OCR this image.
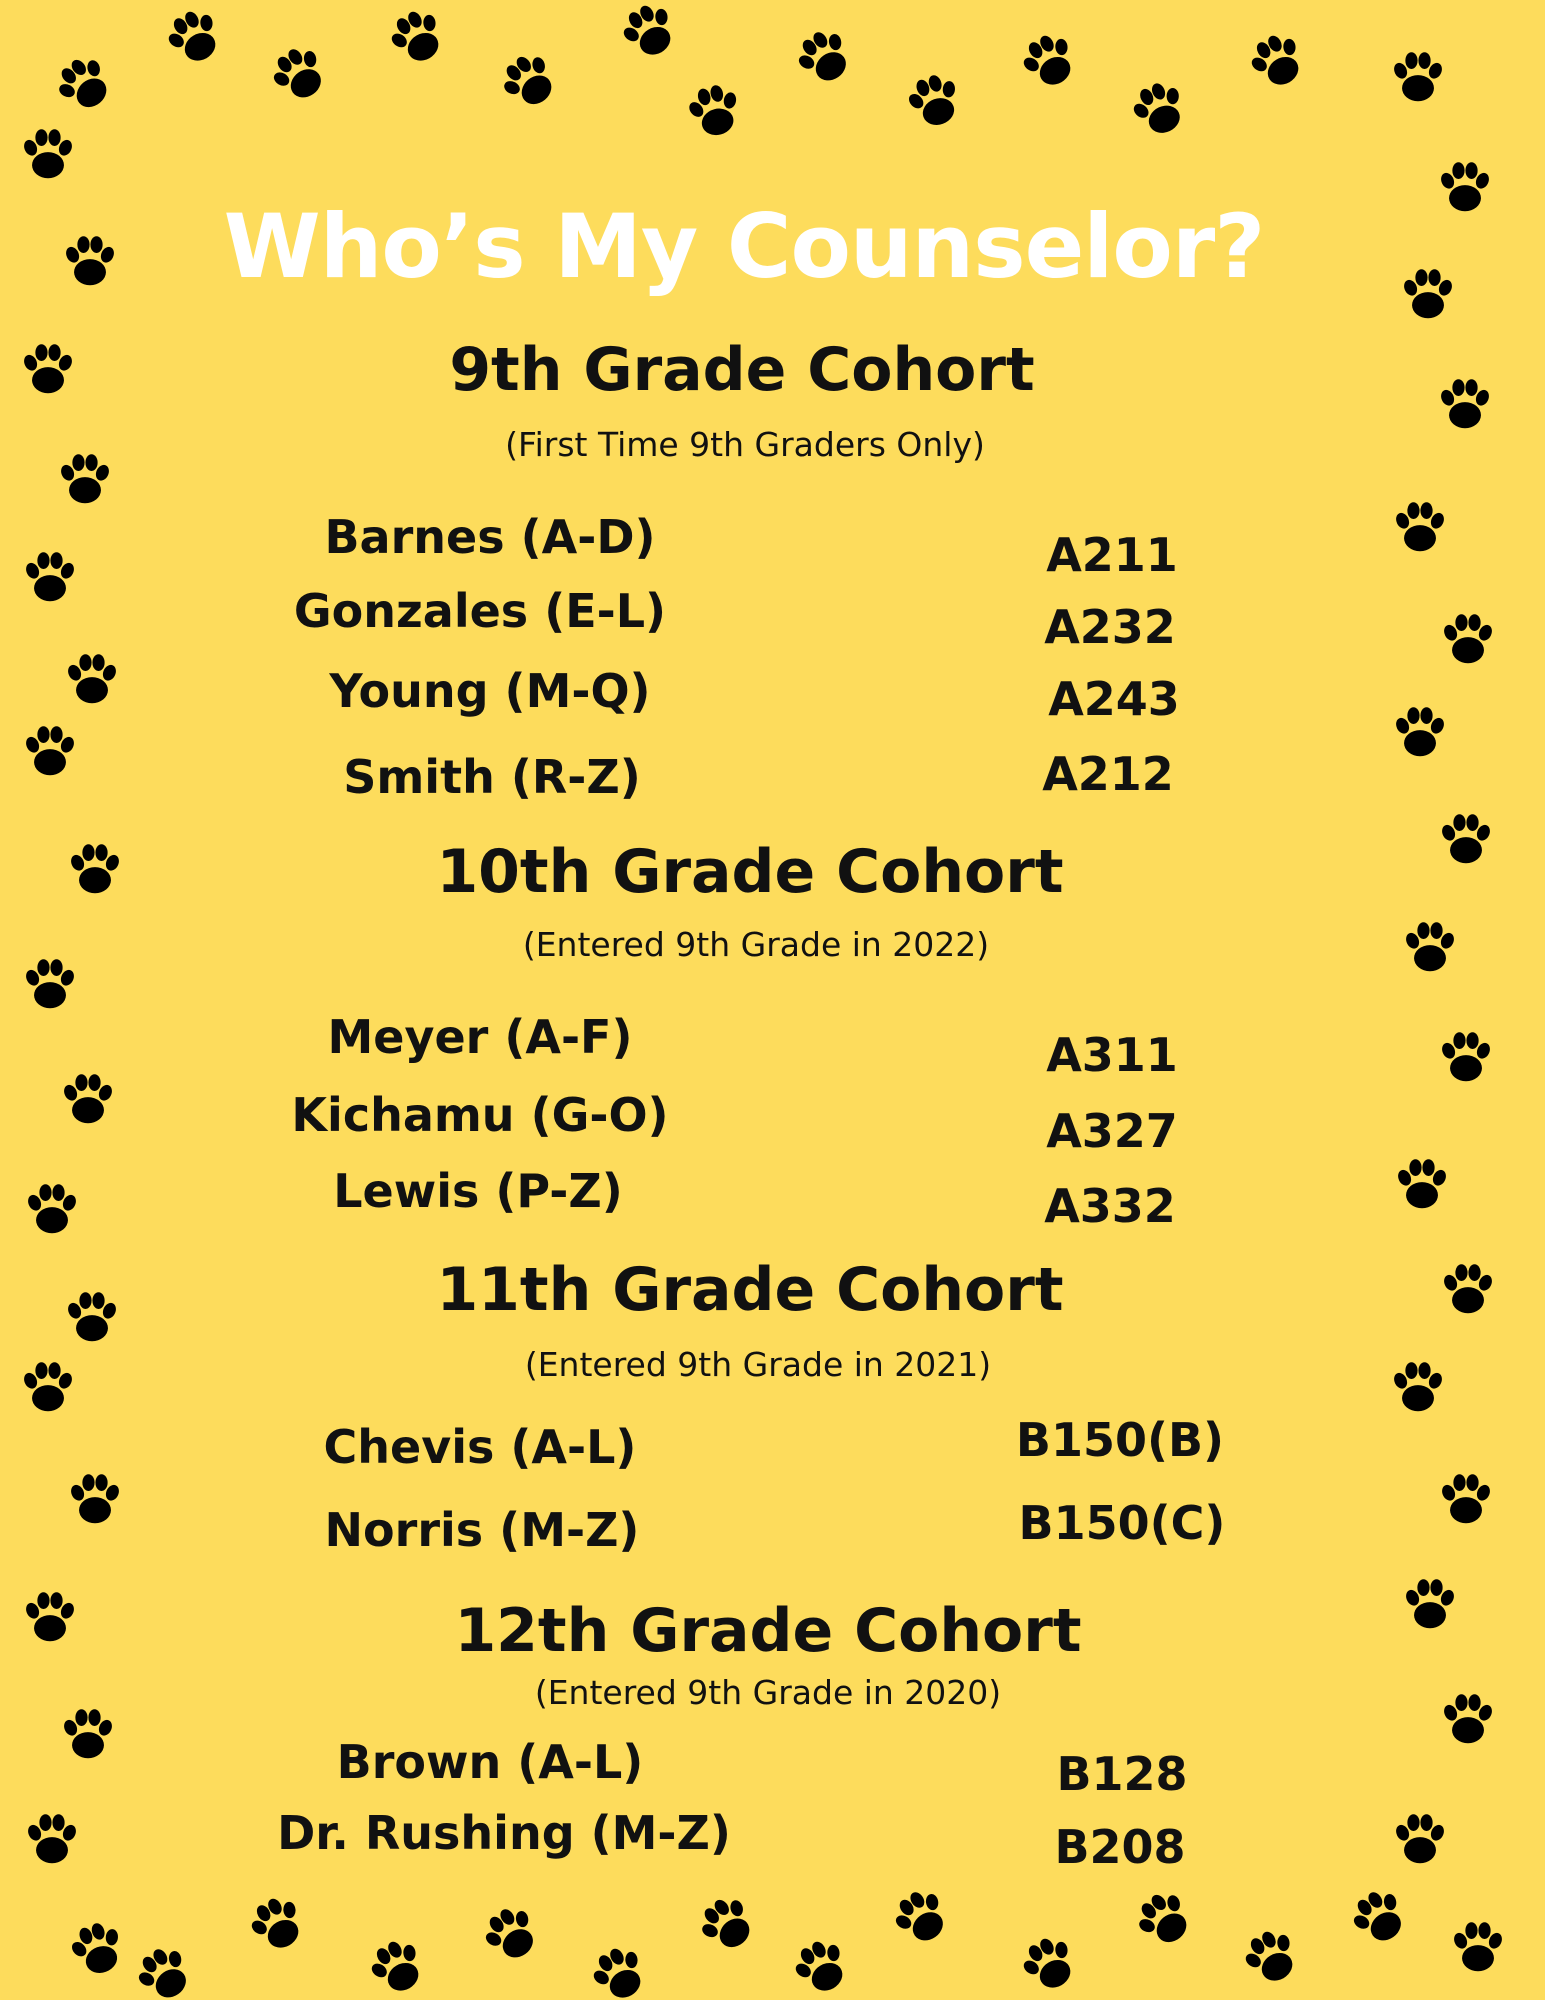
Who’s My Counselor?
9th Grade Cohort
(First Time 9th Graders Only)
Barnes (A-D)	A211
Gonzales (E-L)	A232
Young (M-Q)	A243
Smith (R-Z)	A212
10th Grade Cohort
(Entered 9th Grade in 2022)
Meyer (A-F)	A311
Kichamu (G-O)	A327
Lewis (P-Z)	A332
11th Grade Cohort
(Entered 9th Grade in 2021)
Chevis (A-L)	B150(B)
Norris (M-Z)	B150(C)
12th Grade Cohort
(Entered 9th Grade in 2020)
Brown (A-L)	B128
Dr. Rushing (M-Z)	B208
